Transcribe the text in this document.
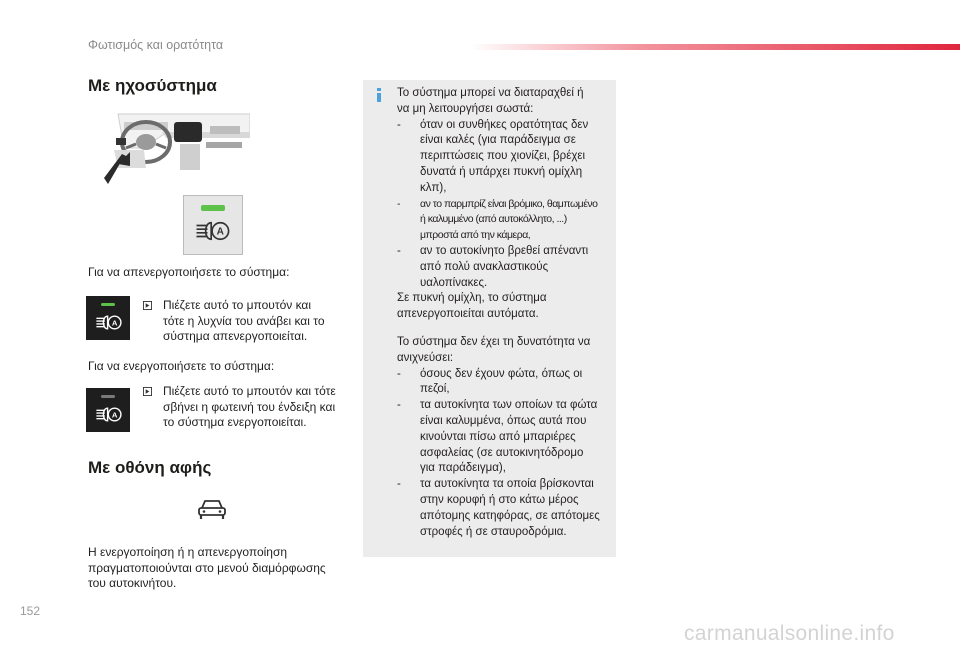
Φωτισμός και ορατότητα
Με ηχοσύστημα
A
Για να απενεργοποιήσετε το σύστημα:
A
Πιέζετε αυτό το μπουτόν και
τότε η λυχνία του ανάβει και το
σύστημα απενεργοποιείται.
Για να ενεργοποιήσετε το σύστημα:
A
Πιέζετε αυτό το μπουτόν και τότε
σβήνει η φωτεινή του ένδειξη και
το σύστημα ενεργοποιείται.
Με οθόνη αφής
Η ενεργοποίηση ή η απενεργοποίηση
πραγματοποιούνται στο μενού διαμόρφωσης
του αυτοκινήτου.

Το σύστημα μπορεί να διαταραχθεί ή
να μη λειτουργήσει σωστά:

- όταν οι συνθήκες ορατότητας δεν
είναι καλές (για παράδειγμα σε
περιπτώσεις που χιονίζει, βρέχει
δυνατά ή υπάρχει πυκνή ομίχλη κλπ),
- αν το παρμπρίζ είναι βρόμικο, θαμπωμένο
ή καλυμμένο (από αυτοκόλλητο, ...)
μπροστά από την κάμερα,
- αν το αυτοκίνητο βρεθεί απέναντι
από πολύ ανακλαστικούς
υαλοπίνακες.

Σε πυκνή ομίχλη, το σύστημα
απενεργοποιείται αυτόματα.

Το σύστημα δεν έχει τη δυνατότητα να
ανιχνεύσει:

- όσους δεν έχουν φώτα, όπως οι
πεζοί,
- τα αυτοκίνητα των οποίων τα φώτα
είναι καλυμμένα, όπως αυτά που
κινούνται πίσω από μπαριέρες
ασφαλείας (σε αυτοκινητόδρομο
για παράδειγμα),
- τα αυτοκίνητα τα οποία βρίσκονται
στην κορυφή ή στο κάτω μέρος
απότομης κατηφόρας, σε απότομες
στροφές ή σε σταυροδρόμια.
152
carmanualsonline.info
